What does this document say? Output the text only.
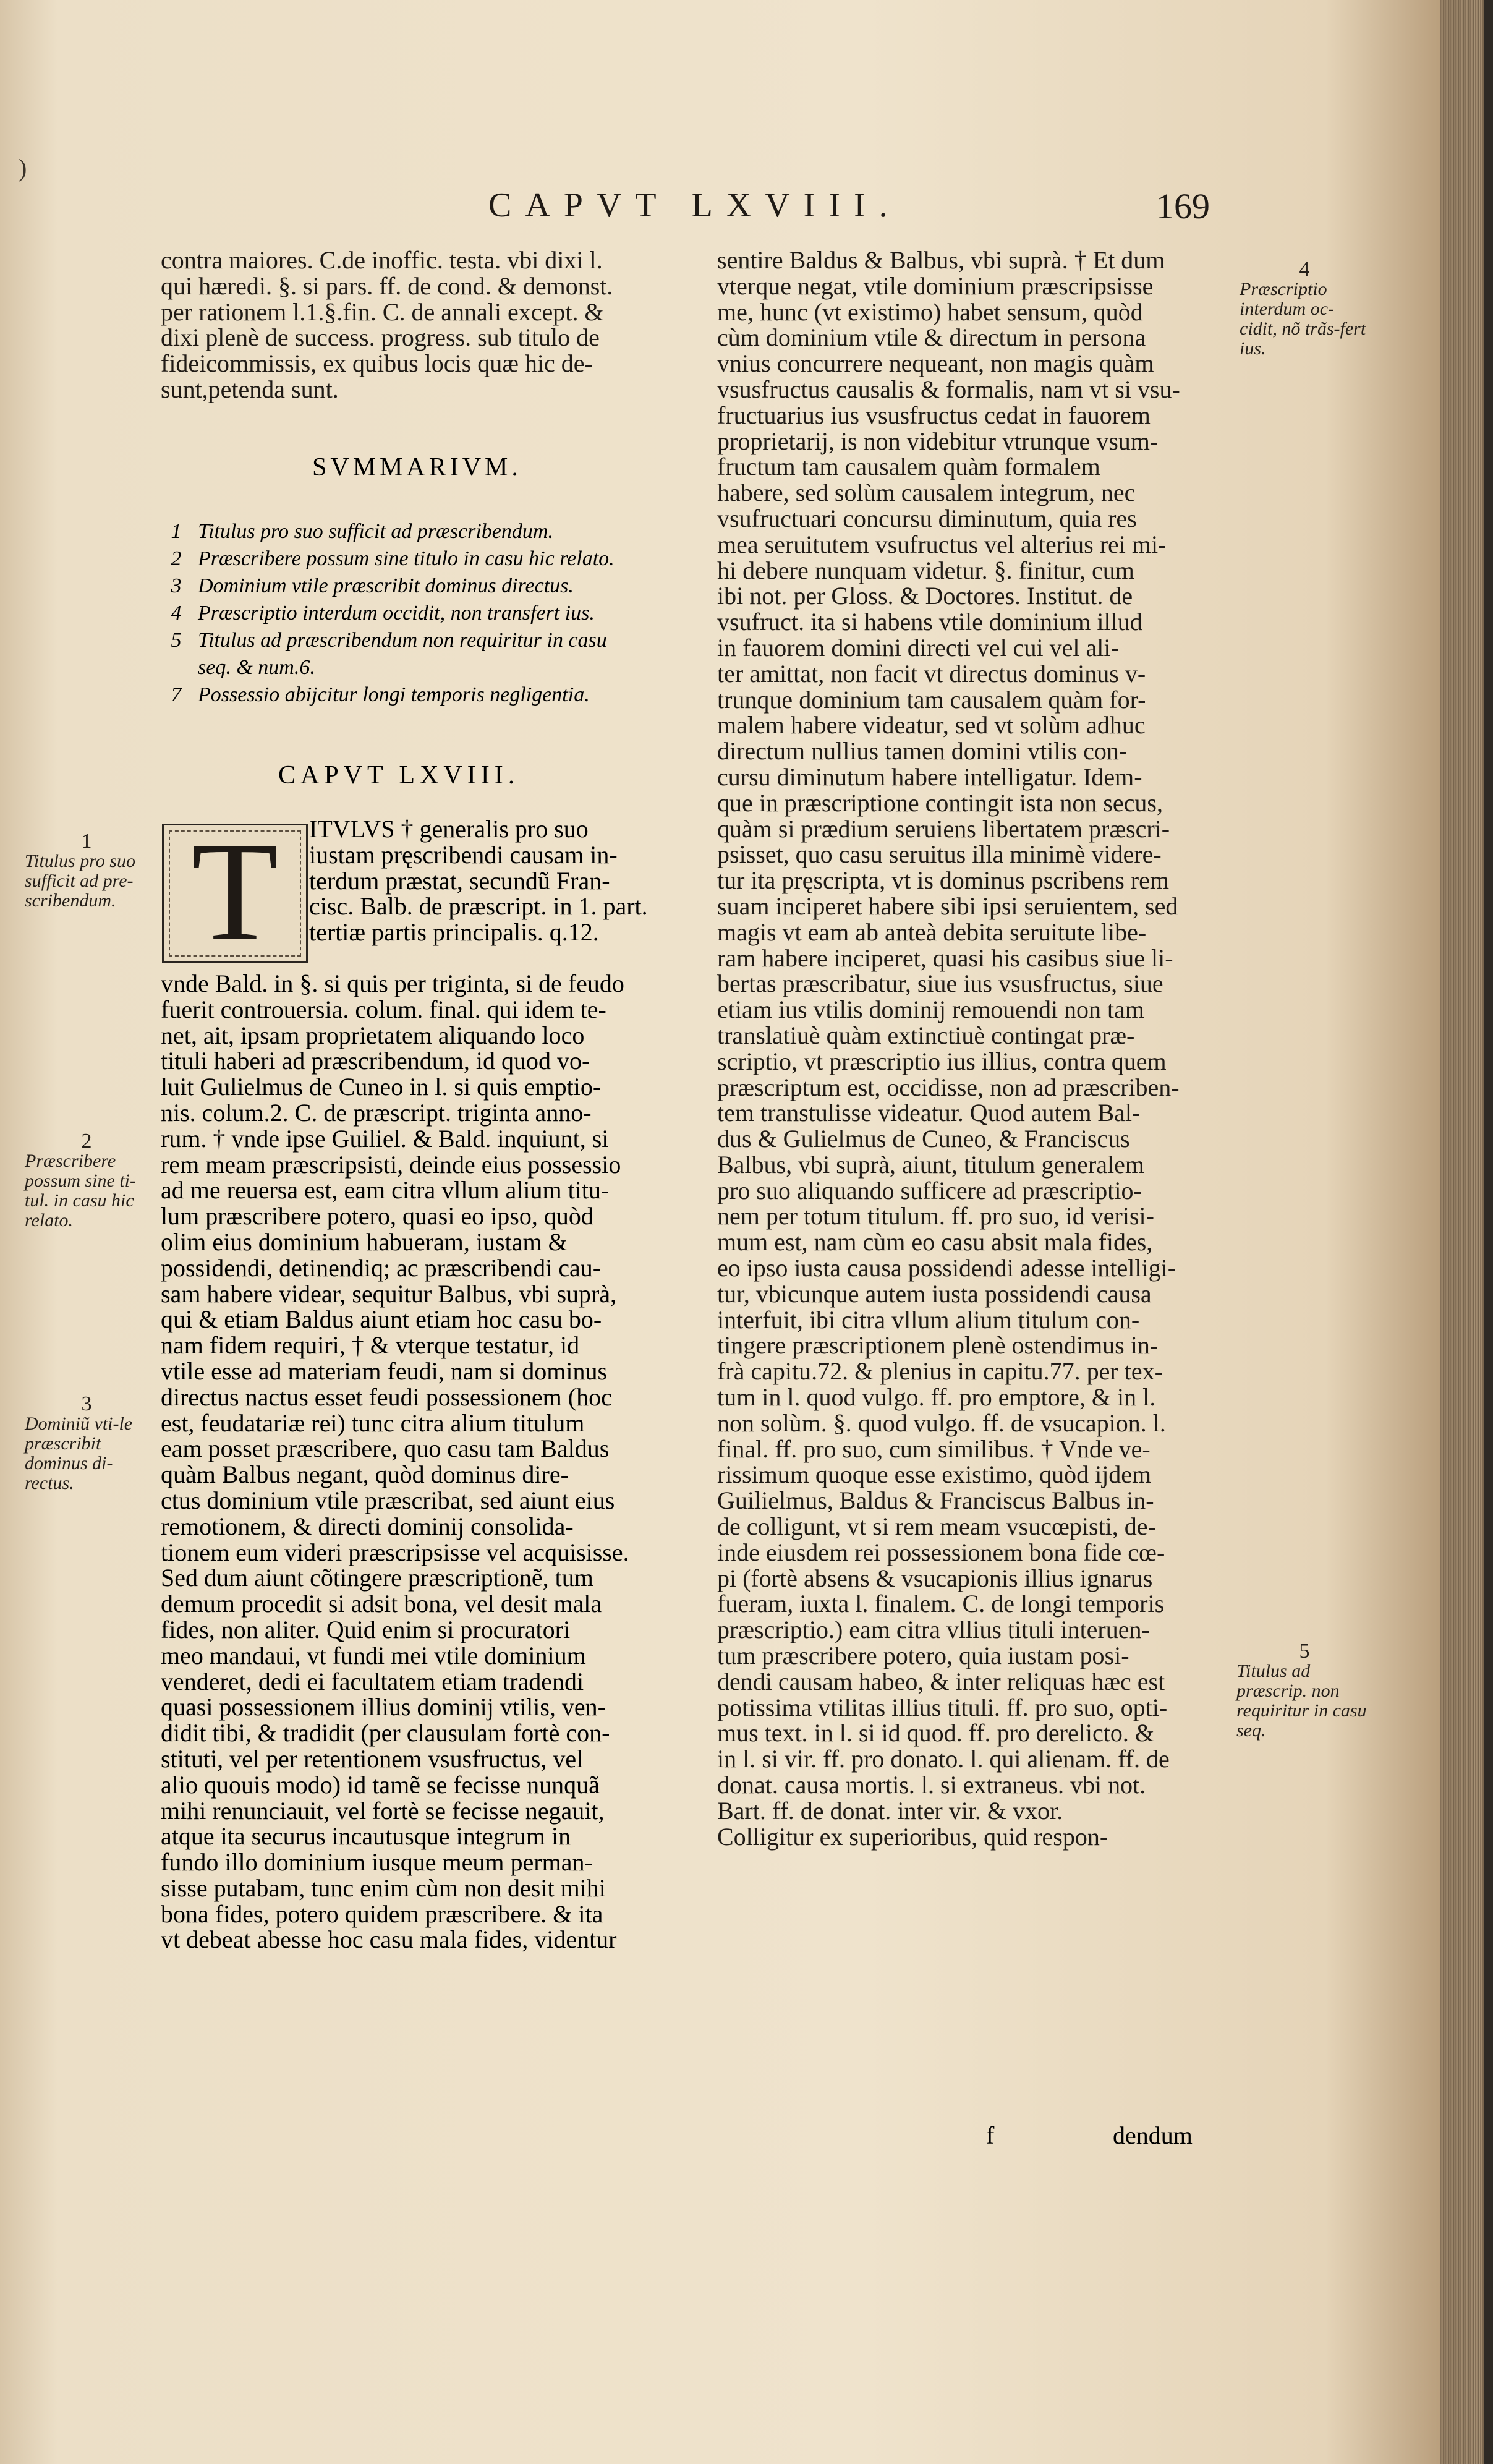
)
CAPVT LXVIII.	169
contra maiores. C.de inoffic. testa. vbi dixi l.
qui hæredi. §. si pars. ff. de cond. & demonst.
per rationem l.1.§.fin. C. de annali except. &
dixi plenè de success. progress. sub titulo de
fideicommissis, ex quibus locis quæ hic de-
sunt,petenda sunt.
SVMMARIVM.
1 Titulus pro suo sufficit ad præscribendum.
2 Præscribere possum sine titulo in casu hic relato.
3 Dominium vtile præscribit dominus directus.
4 Præscriptio interdum occidit, non transfert ius.
5 Titulus ad præscribendum non requiritur in casu
seq. & num.6.
7 Possessio abijcitur longi temporis negligentia.
CAPVT LXVIII.
T	ITVLVS † generalis pro suo
iustam pręscribendi causam in-
terdum præstat, secundũ Fran-
cisc. Balb. de præscript. in 1. part.
tertiæ partis principalis. q.12.
vnde Bald. in §. si quis per triginta, si de feudo
fuerit controuersia. colum. final. qui idem te-
net, ait, ipsam proprietatem aliquando loco
tituli haberi ad præscribendum, id quod vo-
luit Gulielmus de Cuneo in l. si quis emptio-
nis. colum.2. C. de præscript. triginta anno-
rum. † vnde ipse Guiliel. & Bald. inquiunt, si
rem meam præscripsisti, deinde eius possessio
ad me reuersa est, eam citra vllum alium titu-
lum præscribere potero, quasi eo ipso, quòd
olim eius dominium habueram, iustam &
possidendi, detinendiq; ac præscribendi cau-
sam habere videar, sequitur Balbus, vbi suprà,
qui & etiam Baldus aiunt etiam hoc casu bo-
nam fidem requiri, † & vterque testatur, id
vtile esse ad materiam feudi, nam si dominus
directus nactus esset feudi possessionem (hoc
est, feudatariæ rei) tunc citra alium titulum
eam posset præscribere, quo casu tam Baldus
quàm Balbus negant, quòd dominus dire-
ctus dominium vtile præscribat, sed aiunt eius
remotionem, & directi dominij consolida-
tionem eum videri præscripsisse vel acquisisse.
Sed dum aiunt cõtingere præscriptionẽ, tum
demum procedit si adsit bona, vel desit mala
fides, non aliter. Quid enim si procuratori
meo mandaui, vt fundi mei vtile dominium
venderet, dedi ei facultatem etiam tradendi
quasi possessionem illius dominij vtilis, ven-
didit tibi, & tradidit (per clausulam fortè con-
stituti, vel per retentionem vsusfructus, vel
alio quouis modo) id tamẽ se fecisse nunquã
mihi renunciauit, vel fortè se fecisse negauit,
atque ita securus incautusque integrum in
fundo illo dominium iusque meum perman-
sisse putabam, tunc enim cùm non desit mihi
bona fides, potero quidem præscribere. & ita
vt debeat abesse hoc casu mala fides, videntur
sentire Baldus & Balbus, vbi suprà. † Et dum
vterque negat, vtile dominium præscripsisse
me, hunc (vt existimo) habet sensum, quòd
cùm dominium vtile & directum in persona
vnius concurrere nequeant, non magis quàm
vsusfructus causalis & formalis, nam vt si vsu-
fructuarius ius vsusfructus cedat in fauorem
proprietarij, is non videbitur vtrunque vsum-
fructum tam causalem quàm formalem
habere, sed solùm causalem integrum, nec
vsufructuari concursu diminutum, quia res
mea seruitutem vsufructus vel alterius rei mi-
hi debere nunquam videtur. §. finitur, cum
ibi not. per Gloss. & Doctores. Institut. de
vsufruct. ita si habens vtile dominium illud
in fauorem domini directi vel cui vel ali-
ter amittat, non facit vt directus dominus v-
trunque dominium tam causalem quàm for-
malem habere videatur, sed vt solùm adhuc
directum nullius tamen domini vtilis con-
cursu diminutum habere intelligatur. Idem-
que in præscriptione contingit ista non secus,
quàm si prædium seruiens libertatem præscri-
psisset, quo casu seruitus illa minimè videre-
tur ita pręscripta, vt is dominus pscribens rem
suam inciperet habere sibi ipsi seruientem, sed
magis vt eam ab anteà debita seruitute libe-
ram habere inciperet, quasi his casibus siue li-
bertas præscribatur, siue ius vsusfructus, siue
etiam ius vtilis dominij remouendi non tam
translatiuè quàm extinctiuè contingat præ-
scriptio, vt præscriptio ius illius, contra quem
præscriptum est, occidisse, non ad præscriben-
tem transtulisse videatur. Quod autem Bal-
dus & Gulielmus de Cuneo, & Franciscus
Balbus, vbi suprà, aiunt, titulum generalem
pro suo aliquando sufficere ad præscriptio-
nem per totum titulum. ff. pro suo, id verisi-
mum est, nam cùm eo casu absit mala fides,
eo ipso iusta causa possidendi adesse intelligi-
tur, vbicunque autem iusta possidendi causa
interfuit, ibi citra vllum alium titulum con-
tingere præscriptionem plenè ostendimus in-
frà capitu.72. & plenius in capitu.77. per tex-
tum in l. quod vulgo. ff. pro emptore, & in l.
non solùm. §. quod vulgo. ff. de vsucapion. l.
final. ff. pro suo, cum similibus. † Vnde ve-
rissimum quoque esse existimo, quòd ijdem
Guilielmus, Baldus & Franciscus Balbus in-
de colligunt, vt si rem meam vsucœpisti, de-
inde eiusdem rei possessionem bona fide cœ-
pi (fortè absens & vsucapionis illius ignarus
fueram, iuxta l. finalem. C. de longi temporis
præscriptio.) eam citra vllius tituli interuen-
tum præscribere potero, quia iustam posi-
dendi causam habeo, & inter reliquas hæc est
potissima vtilitas illius tituli. ff. pro suo, opti-
mus text. in l. si id quod. ff. pro derelicto. &
in l. si vir. ff. pro donato. l. qui alienam. ff. de
donat. causa mortis. l. si extraneus. vbi not.
Bart. ff. de donat. inter vir. & vxor.
Colligitur ex superioribus, quid respon-
1
Titulus pro suo sufficit ad pre-scribendum.
2
Præscribere possum sine ti-tul. in casu hic relato.
3
Dominiũ vti-le præscribit dominus di-rectus.
4
Præscriptio interdum oc-cidit, nõ trãs-fert ius.
5
Titulus ad præscrip. non requiritur in casu seq.
f	dendum
